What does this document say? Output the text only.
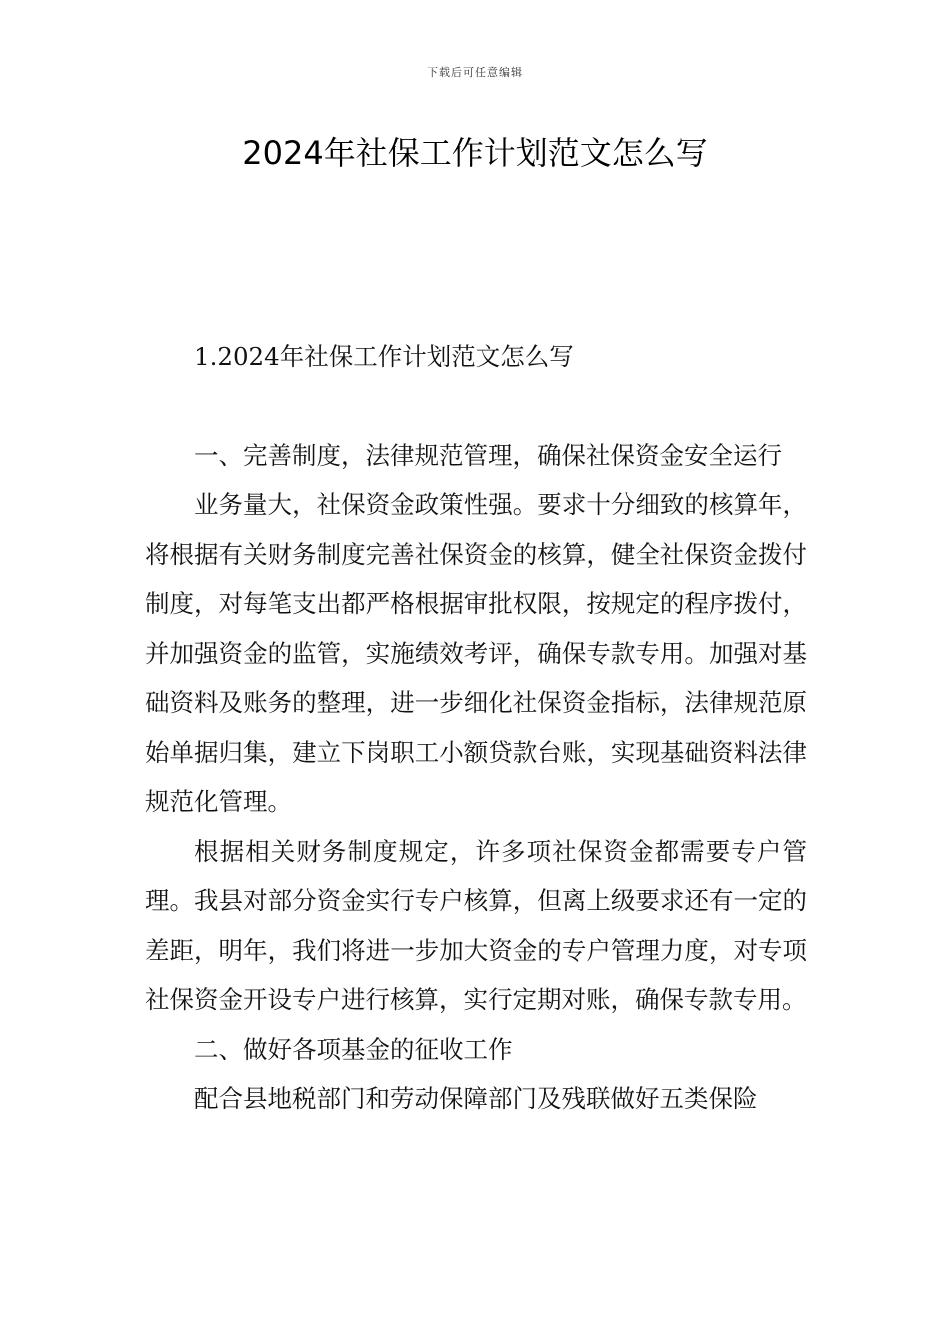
下载后可任意编辑
2024年社保工作计划范文怎么写

1.2024年社保工作计划范文怎么写

一、完善制度，法律规范管理，确保社保资金安全运行

业务量大，社保资金政策性强。要求十分细致的核算年，将根据有关财务制度完善社保资金的核算，健全社保资金拨付制度，对每笔支出都严格根据审批权限，按规定的程序拨付，并加强资金的监管，实施绩效考评，确保专款专用。加强对基础资料及账务的整理，进一步细化社保资金指标，法律规范原始单据归集，建立下岗职工小额贷款台账，实现基础资料法律规范化管理。

根据相关财务制度规定，许多项社保资金都需要专户管理。我县对部分资金实行专户核算，但离上级要求还有一定的差距，明年，我们将进一步加大资金的专户管理力度，对专项社保资金开设专户进行核算，实行定期对账，确保专款专用。

二、做好各项基金的征收工作

配合县地税部门和劳动保障部门及残联做好五类保险
